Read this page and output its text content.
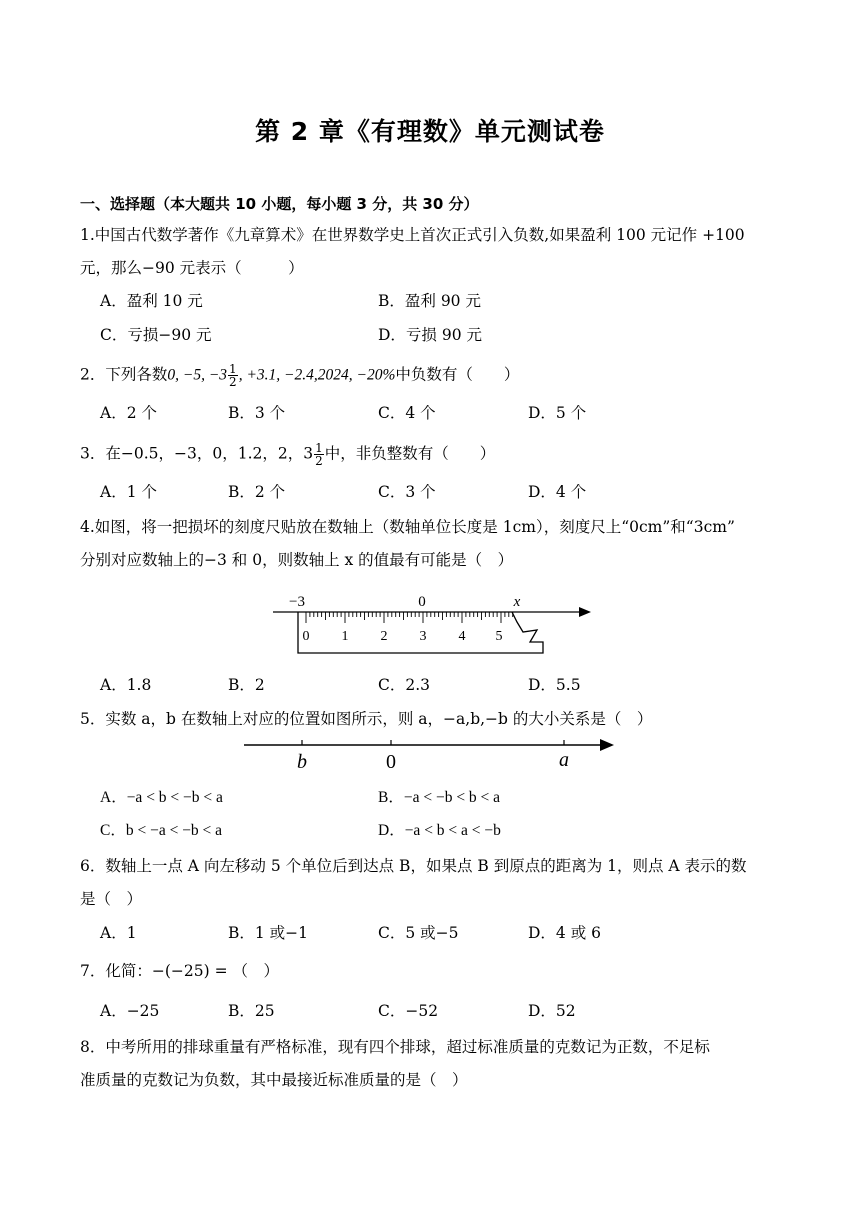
第 2 章《有理数》单元测试卷
一、选择题（本大题共 10 小题，每小题 3 分，共 30 分）
1.中国古代数学著作《九章算术》在世界数学史上首次正式引入负数,如果盈利 100 元记作 +100
元，那么−90 元表示（　　　）
A．盈利 10 元	B．盈利 90 元
C．亏损−90 元	D．亏损 90 元
2．下列各数0, −5, $-3 \frac{1}{2}$ , +3.1, −2.4,2024, −20%中负数有（　　）
A．2 个	B．3 个	C．4 个	D．5 个
3．在−0.5，−3，0，1.2，2，$3 \frac{1}{2}$ 中，非负整数有（　　）
A．1 个	B．2 个	C．3 个	D．4 个
4.如图，将一把损坏的刻度尺贴放在数轴上（数轴单位长度是 1cm），刻度尺上“0cm”和“3cm”
分别对应数轴上的−3 和 0，则数轴上 x 的值最有可能是（　）
−3	0	x
0 1 2 3 4 5
A．1.8	B．2	C．2.3	D．5.5
5．实数 a，b 在数轴上对应的位置如图所示，则 a，−a,b,−b 的大小关系是（　）
b	0	a
A．−a < b < −b < a	B．−a < −b < b < a
C．b < −a < −b < a	D．−a < b < a < −b
6．数轴上一点 A 向左移动 5 个单位后到达点 B，如果点 B 到原点的距离为 1，则点 A 表示的数
是（　）
A．1	B．1 或−1	C．5 或−5	D．4 或 6
7．化简：−(−25) = （　）
A．−25	B．25	C．−52	D．52
8．中考所用的排球重量有严格标准，现有四个排球，超过标准质量的克数记为正数，不足标
准质量的克数记为负数，其中最接近标准质量的是（　）
